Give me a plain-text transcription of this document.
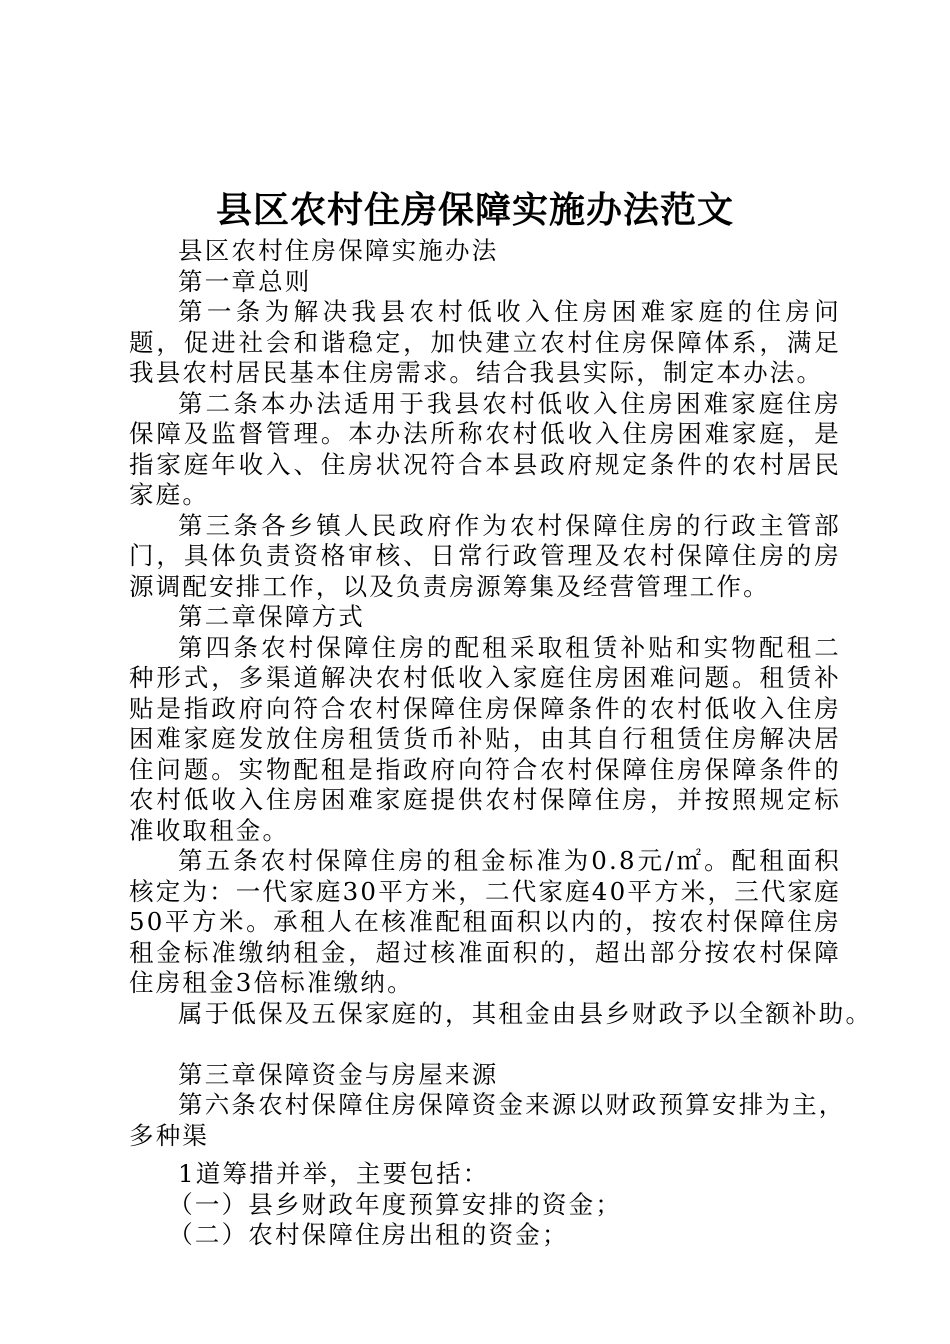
县区农村住房保障实施办法范文

县区农村住房保障实施办法

第一章总则

第一条为解决我县农村低收入住房困难家庭的住房问题，促进社会和谐稳定，加快建立农村住房保障体系，满足我县农村居民基本住房需求。结合我县实际，制定本办法。

第二条本办法适用于我县农村低收入住房困难家庭住房保障及监督管理。本办法所称农村低收入住房困难家庭，是指家庭年收入、住房状况符合本县政府规定条件的农村居民家庭。

第三条各乡镇人民政府作为农村保障住房的行政主管部门，具体负责资格审核、日常行政管理及农村保障住房的房源调配安排工作，以及负责房源筹集及经营管理工作。

第二章保障方式

第四条农村保障住房的配租采取租赁补贴和实物配租二种形式，多渠道解决农村低收入家庭住房困难问题。租赁补贴是指政府向符合农村保障住房保障条件的农村低收入住房困难家庭发放住房租赁货币补贴，由其自行租赁住房解决居住问题。实物配租是指政府向符合农村保障住房保障条件的农村低收入住房困难家庭提供农村保障住房，并按照规定标准收取租金。

第五条农村保障住房的租金标准为0.8元/㎡。配租面积核定为：一代家庭30平方米，二代家庭40平方米，三代家庭50平方米。承租人在核准配租面积以内的，按农村保障住房租金标准缴纳租金，超过核准面积的，超出部分按农村保障住房租金3倍标准缴纳。

属于低保及五保家庭的，其租金由县乡财政予以全额补助。

第三章保障资金与房屋来源

第六条农村保障住房保障资金来源以财政预算安排为主，

多种渠

1道筹措并举，主要包括：

（一）县乡财政年度预算安排的资金；

（二）农村保障住房出租的资金；
